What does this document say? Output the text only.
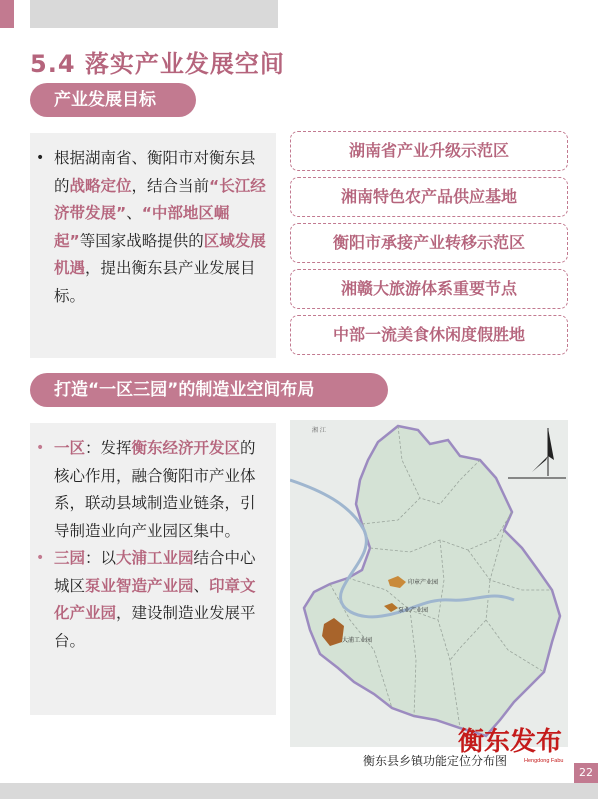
5.4 落实产业发展空间
产业发展目标
• 根据湖南省、衡阳市对衡东县的战略定位，结合当前“长江经济带发展”、“中部地区崛起”等国家战略提供的区域发展机遇，提出衡东县产业发展目标。
湖南省产业升级示范区
湘南特色农产品供应基地
衡阳市承接产业转移示范区
湘赣大旅游体系重要节点
中部一流美食休闲度假胜地
打造“一区三园”的制造业空间布局
• 一区：发挥衡东经济开发区的核心作用，融合衡阳市产业体系，联动县域制造业链条，引导制造业向产业园区集中。
• 三园：以大浦工业园结合中心城区泵业智造产业园、印章文化产业园，建设制造业发展平台。
印章产业园
泵业产业园
大浦工业园
湘 江
衡东县乡镇功能定位分布图
衡东发布
Hengdong Fabu
22
